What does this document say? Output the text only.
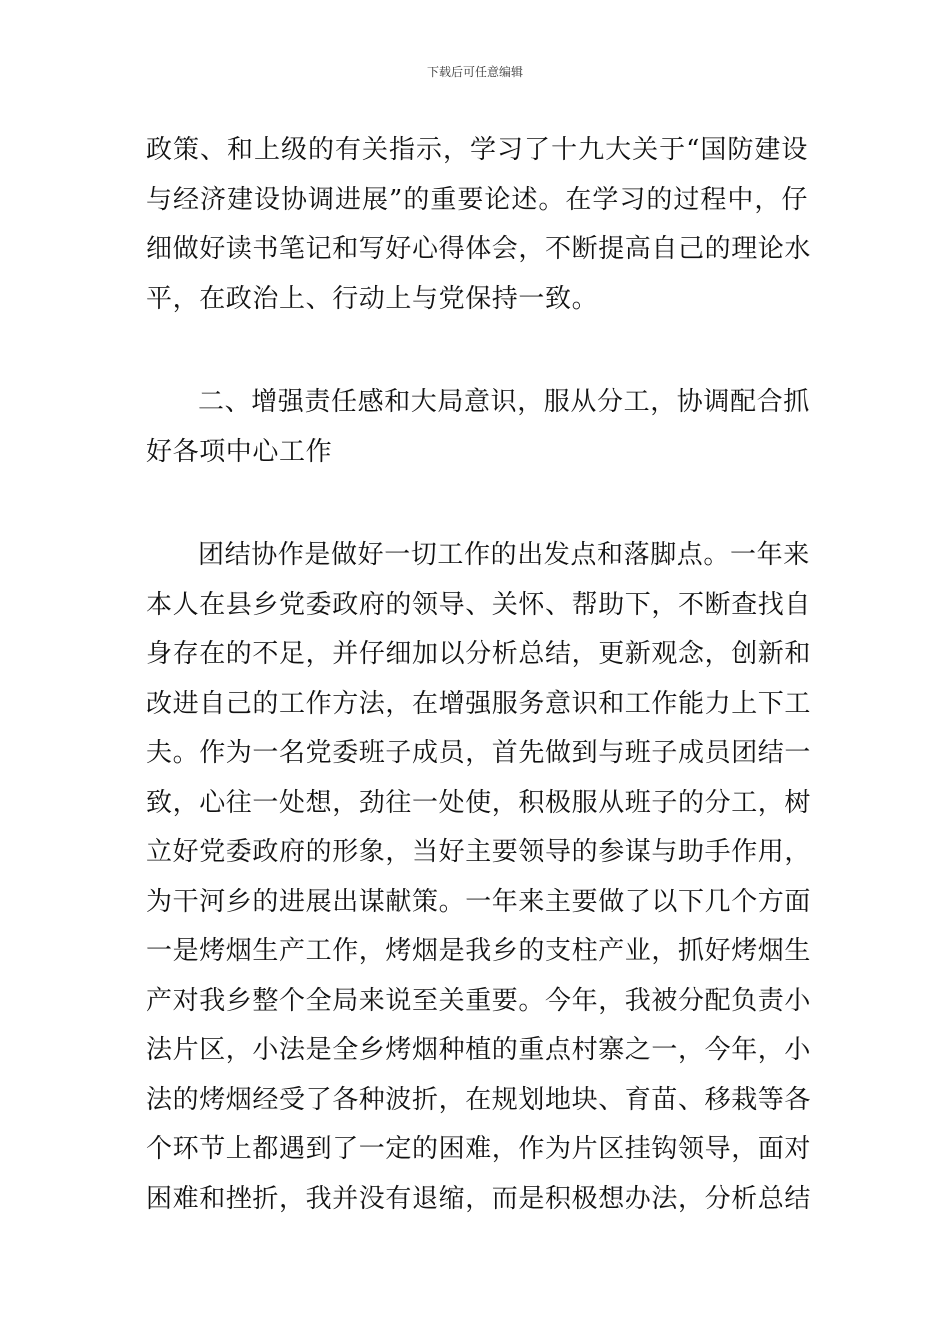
下载后可任意编辑
政策、和上级的有关指示，学习了十九大关于“国防建设
与经济建设协调进展”的重要论述。在学习的过程中，仔
细做好读书笔记和写好心得体会，不断提高自己的理论水
平，在政治上、行动上与党保持一致。
二、增强责任感和大局意识，服从分工，协调配合抓
好各项中心工作
团结协作是做好一切工作的出发点和落脚点。一年来
本人在县乡党委政府的领导、关怀、帮助下，不断查找自
身存在的不足，并仔细加以分析总结，更新观念，创新和
改进自己的工作方法，在增强服务意识和工作能力上下工
夫。作为一名党委班子成员，首先做到与班子成员团结一
致，心往一处想，劲往一处使，积极服从班子的分工，树
立好党委政府的形象，当好主要领导的参谋与助手作用，
为干河乡的进展出谋献策。一年来主要做了以下几个方面
一是烤烟生产工作，烤烟是我乡的支柱产业，抓好烤烟生
产对我乡整个全局来说至关重要。今年，我被分配负责小
法片区，小法是全乡烤烟种植的重点村寨之一，今年，小
法的烤烟经受了各种波折，在规划地块、育苗、移栽等各
个环节上都遇到了一定的困难，作为片区挂钩领导，面对
困难和挫折，我并没有退缩，而是积极想办法，分析总结
